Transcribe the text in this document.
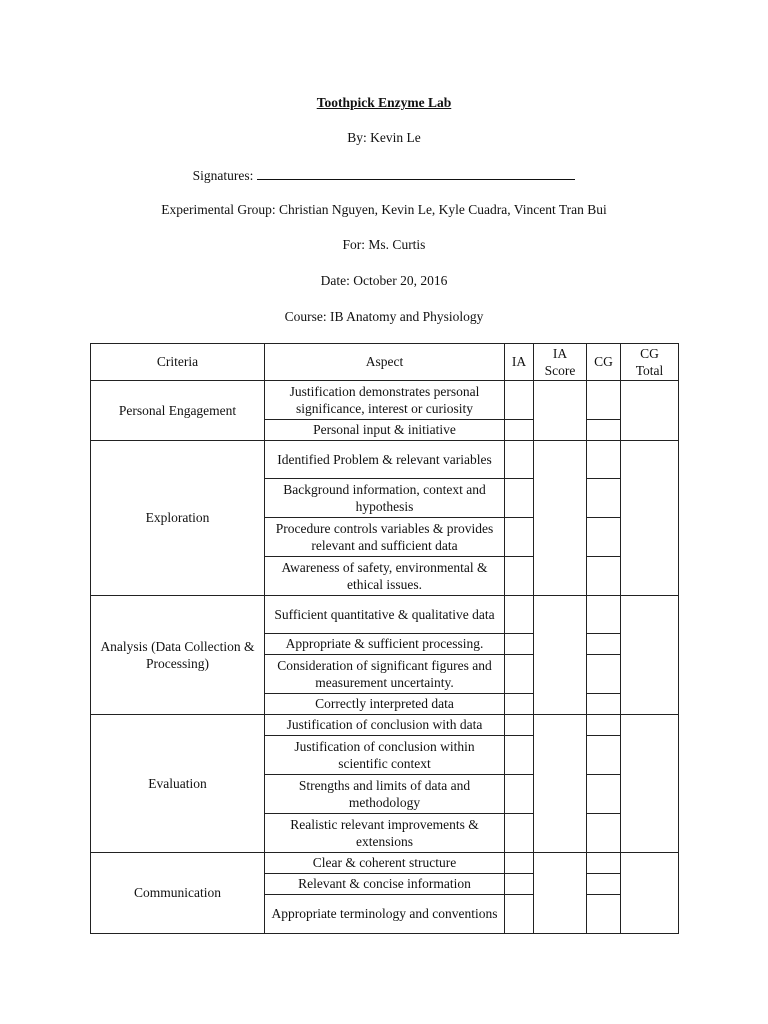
Toothpick Enzyme Lab
By: Kevin Le
Signatures:
Experimental Group: Christian Nguyen, Kevin Le, Kyle Cuadra, Vincent Tran Bui
For: Ms. Curtis
Date: October 20, 2016
Course: IB Anatomy and Physiology
Criteria	Aspect	IA	IA Score	CG	CG Total
Personal Engagement	Justification demonstrates personal significance, interest or curiosity				
	Personal input & initiative				
Exploration	Identified Problem & relevant variables				
	Background information, context and hypothesis				
	Procedure controls variables & provides relevant and sufficient data				
	Awareness of safety, environmental & ethical issues.				
Analysis (Data Collection & Processing)	Sufficient quantitative & qualitative data				
	Appropriate & sufficient processing.				
	Consideration of significant figures and measurement uncertainty.				
	Correctly interpreted data				
Evaluation	Justification of conclusion with data				
	Justification of conclusion within scientific context				
	Strengths and limits of data and methodology				
	Realistic relevant improvements & extensions				
Communication	Clear & coherent structure				
	Relevant & concise information				
	Appropriate terminology and conventions				
